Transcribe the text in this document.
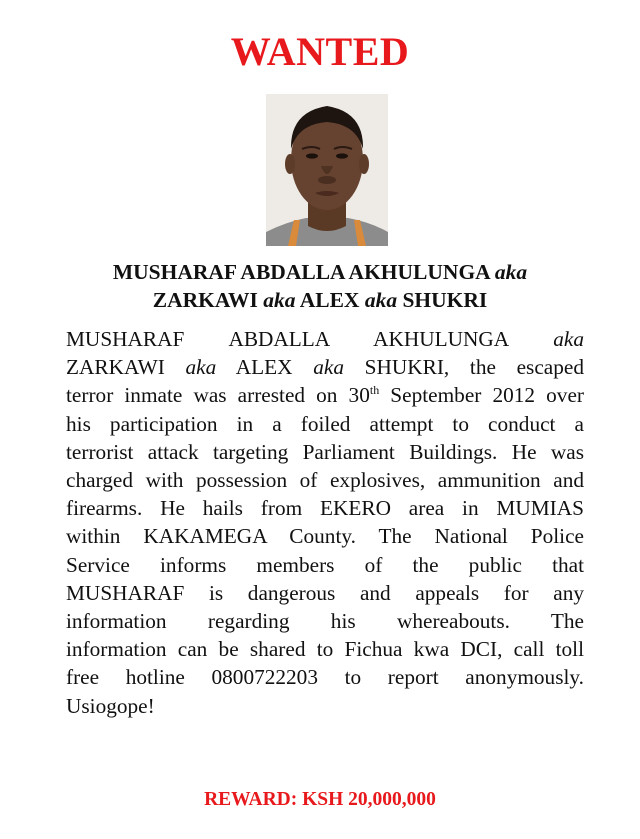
WANTED
MUSHARAF ABDALLA AKHULUNGA aka
ZARKAWI aka ALEX aka SHUKRI
MUSHARAF ABDALLA AKHULUNGA aka
ZARKAWI aka ALEX aka SHUKRI, the escaped
terror inmate was arrested on 30th September 2012 over
his participation in a foiled attempt to conduct a
terrorist attack targeting Parliament Buildings. He was
charged with possession of explosives, ammunition and
firearms. He hails from EKERO area in MUMIAS
within KAKAMEGA County. The National Police
Service informs members of the public that
MUSHARAF is dangerous and appeals for any
information regarding his whereabouts. The
information can be shared to Fichua kwa DCI, call toll
free hotline 0800722203 to report anonymously.
Usiogope!
REWARD: KSH 20,000,000
